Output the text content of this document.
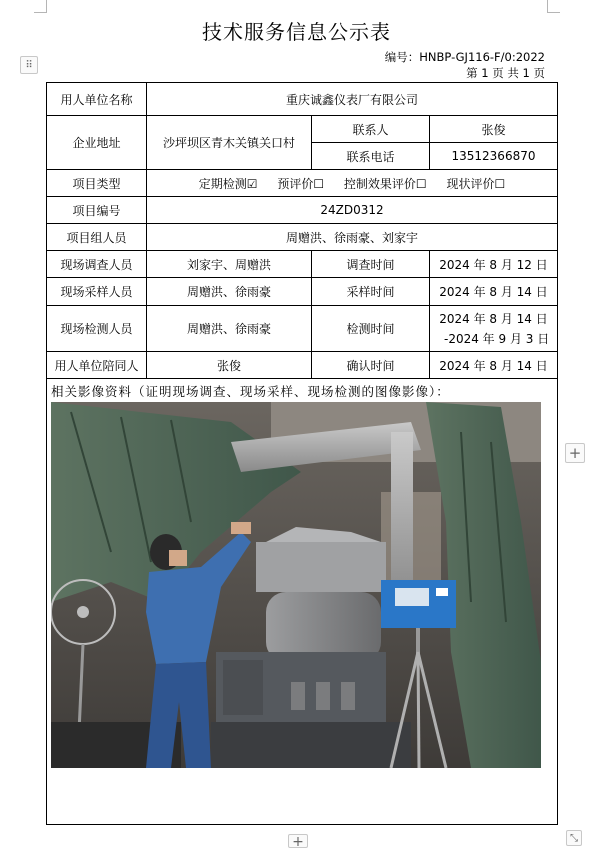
⠿
+
+	⤡
技术服务信息公示表
编号：HNBP-GJ116-F/0:2022
第 1 页 共 1 页
用人单位名称	重庆诚鑫仪表厂有限公司		
企业地址	沙坪坝区青木关镇关口村	联系人	张俊
		联系电话	13512366870
项目类型	定期检测☑ 预评价☐ 控制效果评价☐ 现状评价☐		
项目编号	24ZD0312		
项目组人员	周赠洪、徐雨豪、刘家宇		
现场调查人员	刘家宇、周赠洪	调查时间	2024 年 8 月 12 日
现场采样人员	周赠洪、徐雨豪	采样时间	2024 年 8 月 14 日
现场检测人员	周赠洪、徐雨豪	检测时间	2024 年 8 月 14 日
-2024 年 9 月 3 日

用人单位陪同人	张俊	确认时间	2024 年 8 月 14 日

相关影像资料（证明现场调查、现场采样、现场检测的图像影像）：			
